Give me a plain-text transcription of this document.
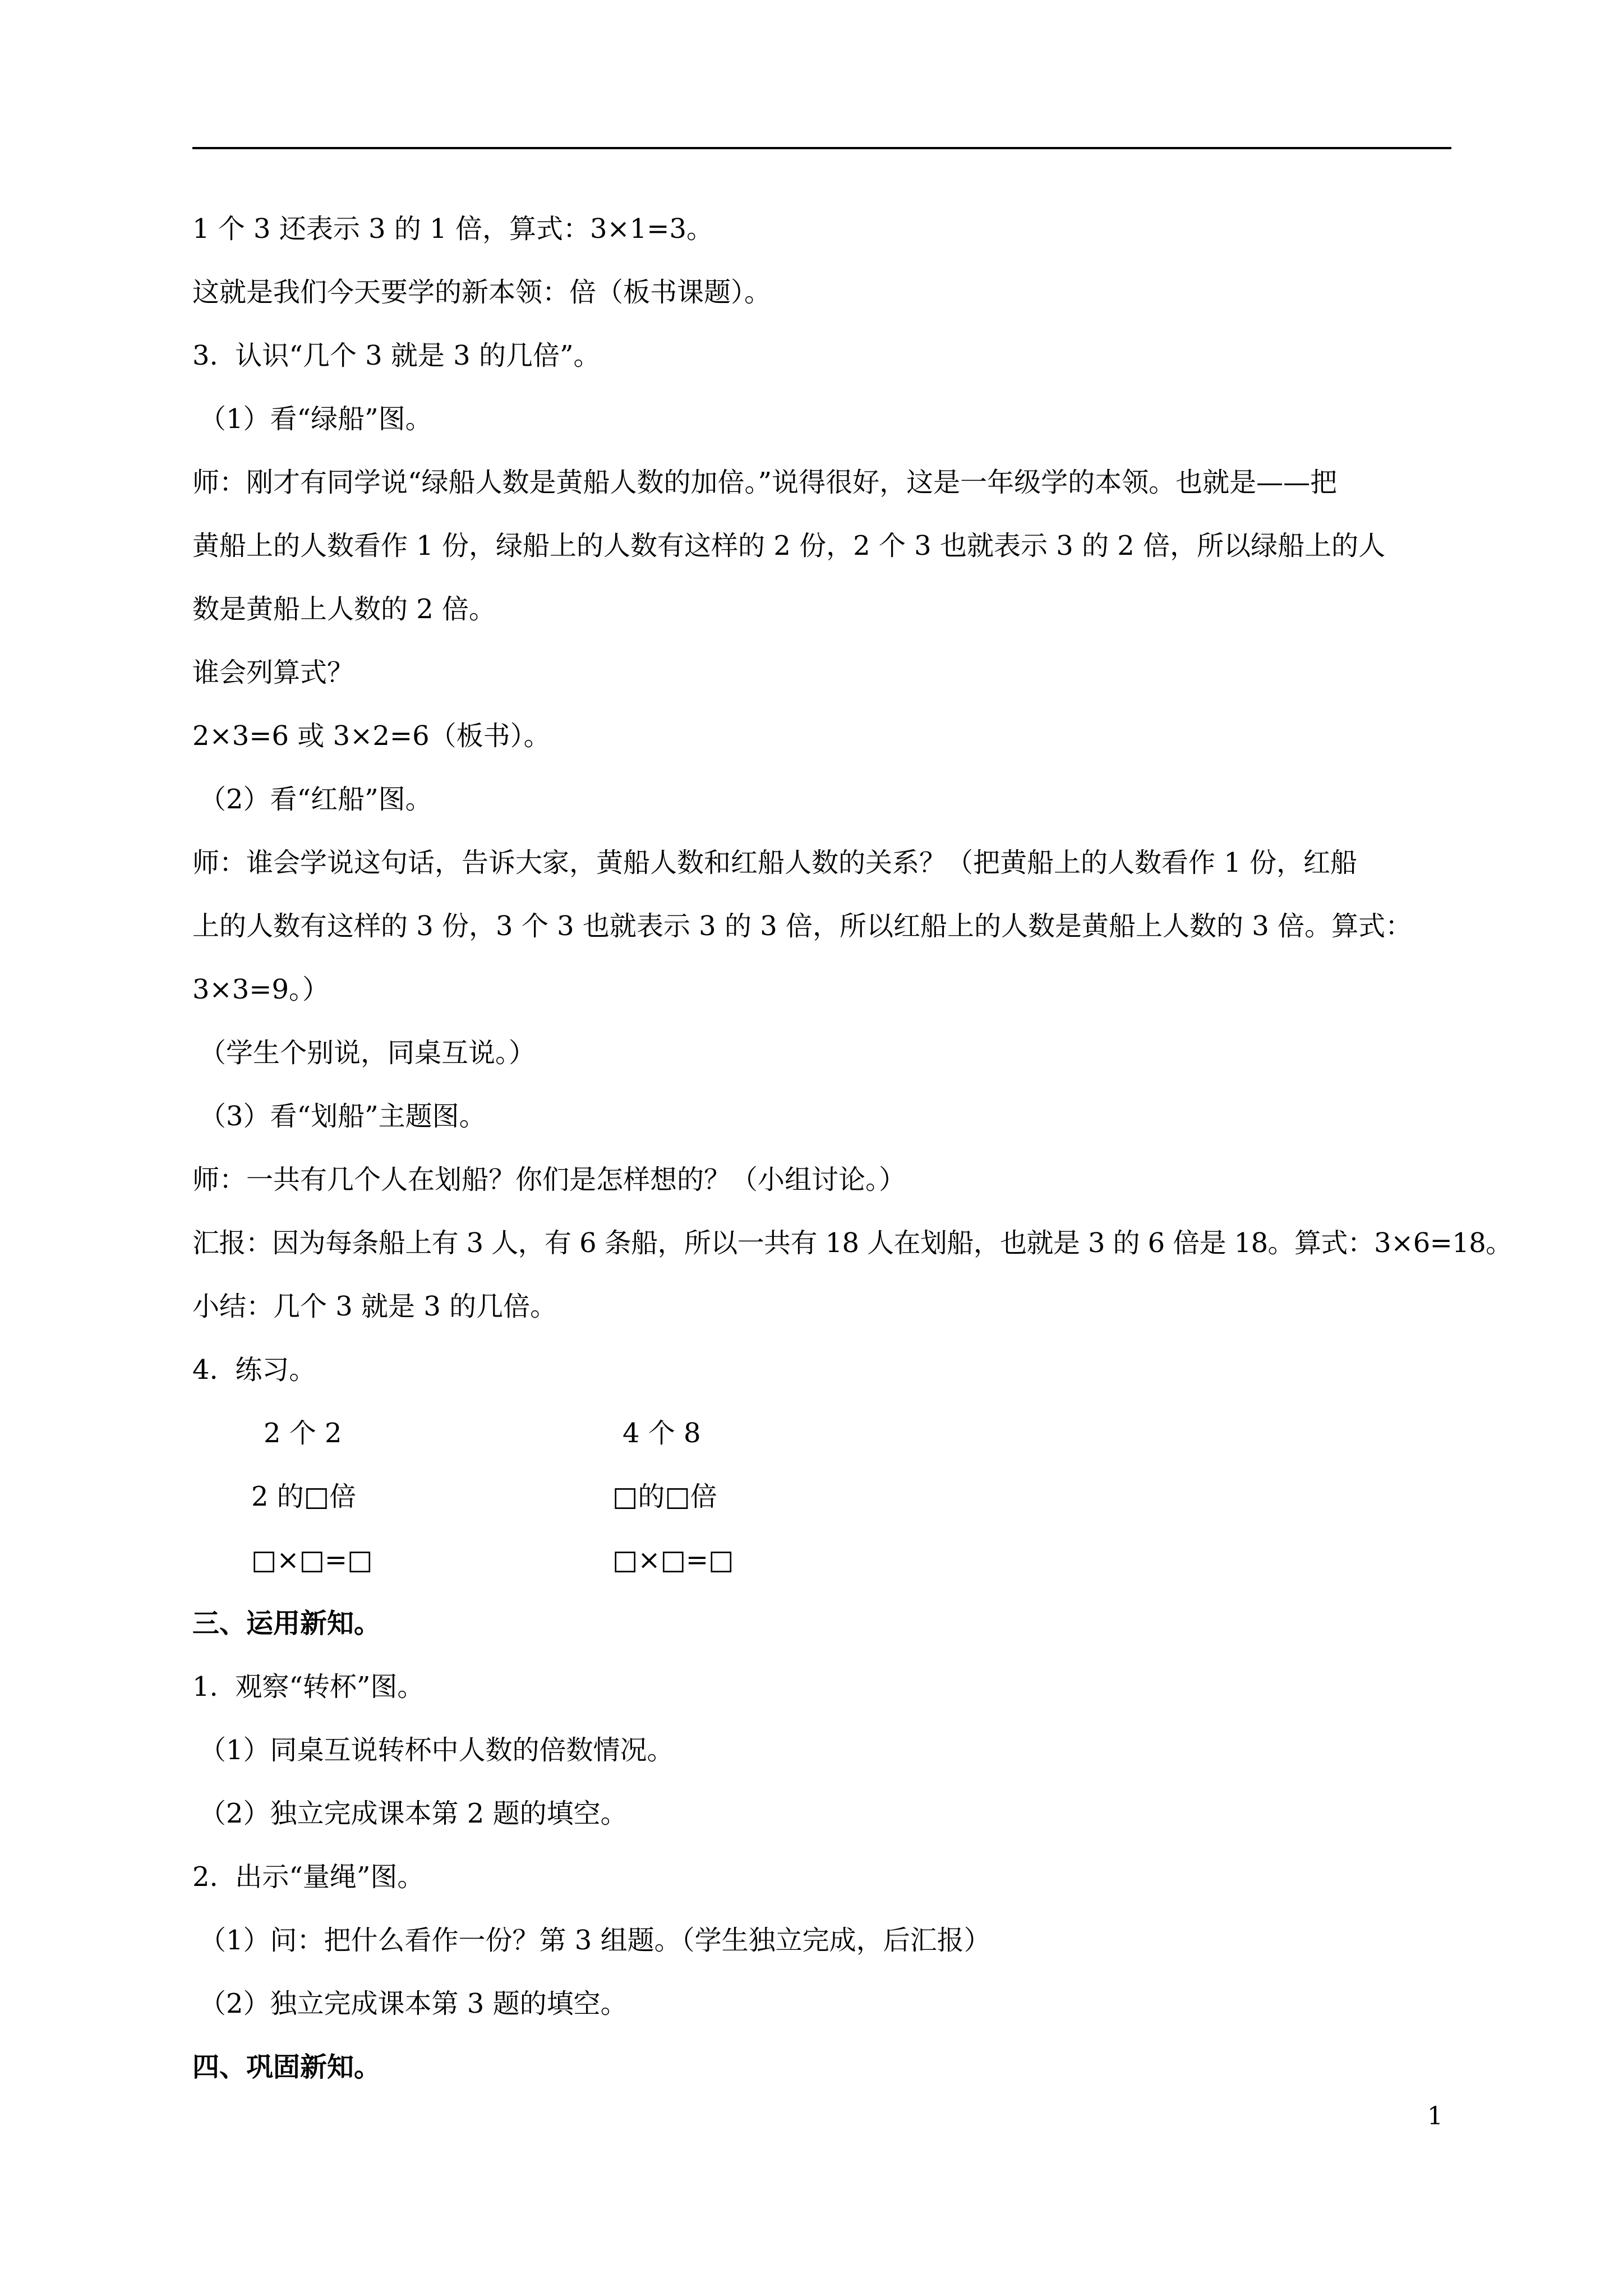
1 个 3 还表示 3 的 1 倍，算式：3×1=3。
这就是我们今天要学的新本领：倍（板书课题）。
3.  认识“几个 3 就是 3 的几倍”。
（1）看“绿船”图。
师：刚才有同学说“绿船人数是黄船人数的加倍。”说得很好，这是一年级学的本领。也就是——把
黄船上的人数看作 1 份，绿船上的人数有这样的 2 份，2 个 3 也就表示 3 的 2 倍，所以绿船上的人
数是黄船上人数的 2 倍。
谁会列算式？
2×3=6 或 3×2=6（板书）。
（2）看“红船”图。
师：谁会学说这句话，告诉大家，黄船人数和红船人数的关系？（把黄船上的人数看作 1 份，红船
上的人数有这样的 3 份，3 个 3 也就表示 3 的 3 倍，所以红船上的人数是黄船上人数的 3 倍。算式：
3×3=9。）
（学生个别说，同桌互说。）
（3）看“划船”主题图。
师：一共有几个人在划船？你们是怎样想的？（小组讨论。）
汇报：因为每条船上有 3 人，有 6 条船，所以一共有 18 人在划船，也就是 3 的 6 倍是 18。算式：3×6=18。
小结：几个 3 就是 3 的几倍。
4.  练习。
2 个 2
2 的□倍
□×□=□
4 个 8
□的□倍
□×□=□
三、运用新知。
1.  观察“转杯”图。
（1）同桌互说转杯中人数的倍数情况。
（2）独立完成课本第 2 题的填空。
2.  出示“量绳”图。
（1）问：把什么看作一份？第 3 组题。（学生独立完成，后汇报）
（2）独立完成课本第 3 题的填空。
四、巩固新知。
1
